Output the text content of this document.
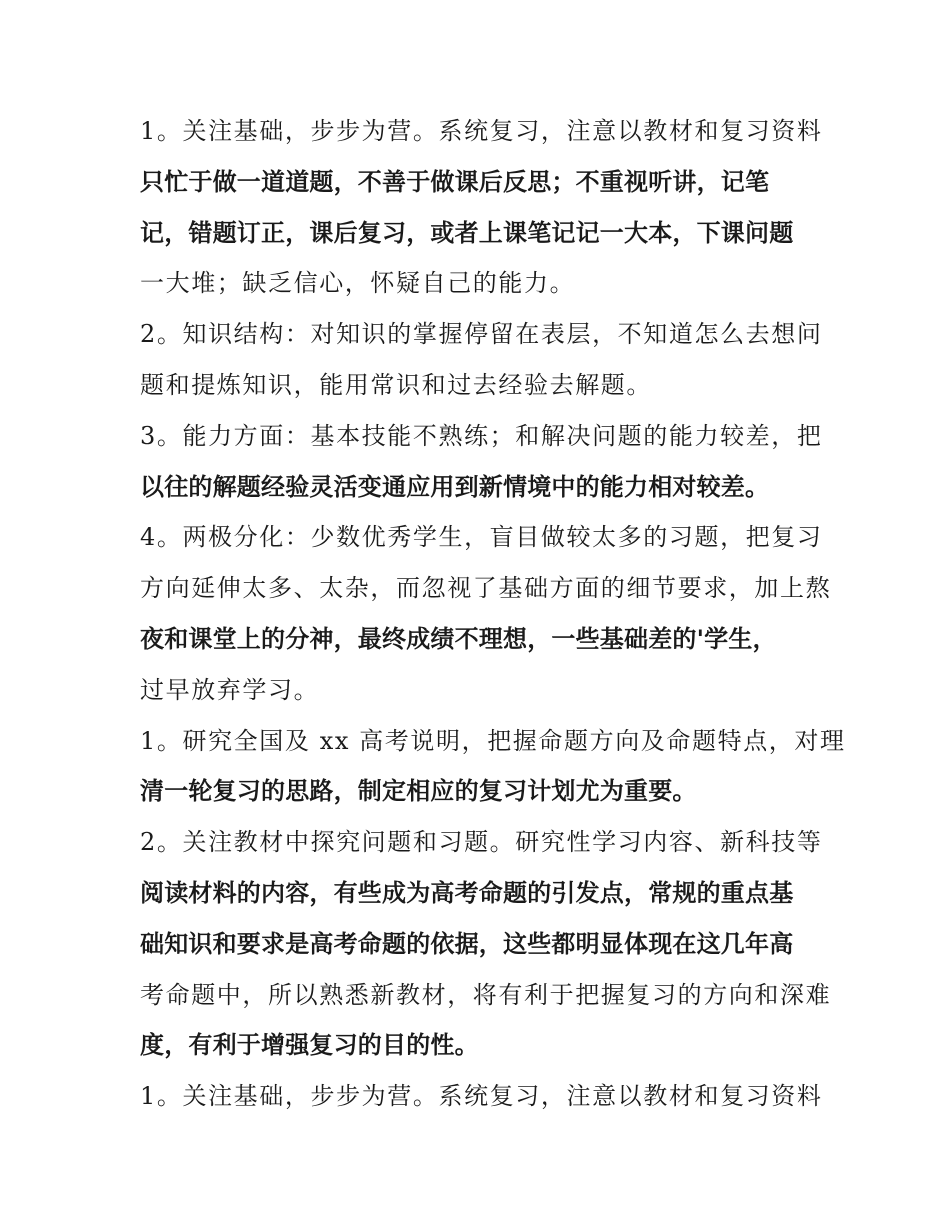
1。关注基础，步步为营。系统复习，注意以教材和复习资料
只忙于做一道道题，不善于做课后反思；不重视听讲，记笔
记，错题订正，课后复习，或者上课笔记记一大本，下课问题
一大堆；缺乏信心，怀疑自己的能力。
2。知识结构：对知识的掌握停留在表层，不知道怎么去想问
题和提炼知识，能用常识和过去经验去解题。
3。能力方面：基本技能不熟练；和解决问题的能力较差，把
以往的解题经验灵活变通应用到新情境中的能力相对较差。
4。两极分化：少数优秀学生，盲目做较太多的习题，把复习
方向延伸太多、太杂，而忽视了基础方面的细节要求，加上熬
夜和课堂上的分神，最终成绩不理想，一些基础差的'学生，
过早放弃学习。
1。研究全国及 xx 高考说明，把握命题方向及命题特点，对理
清一轮复习的思路，制定相应的复习计划尤为重要。
2。关注教材中探究问题和习题。研究性学习内容、新科技等
阅读材料的内容，有些成为高考命题的引发点，常规的重点基
础知识和要求是高考命题的依据，这些都明显体现在这几年高
考命题中，所以熟悉新教材，将有利于把握复习的方向和深难
度，有利于增强复习的目的性。
1。关注基础，步步为营。系统复习，注意以教材和复习资料
